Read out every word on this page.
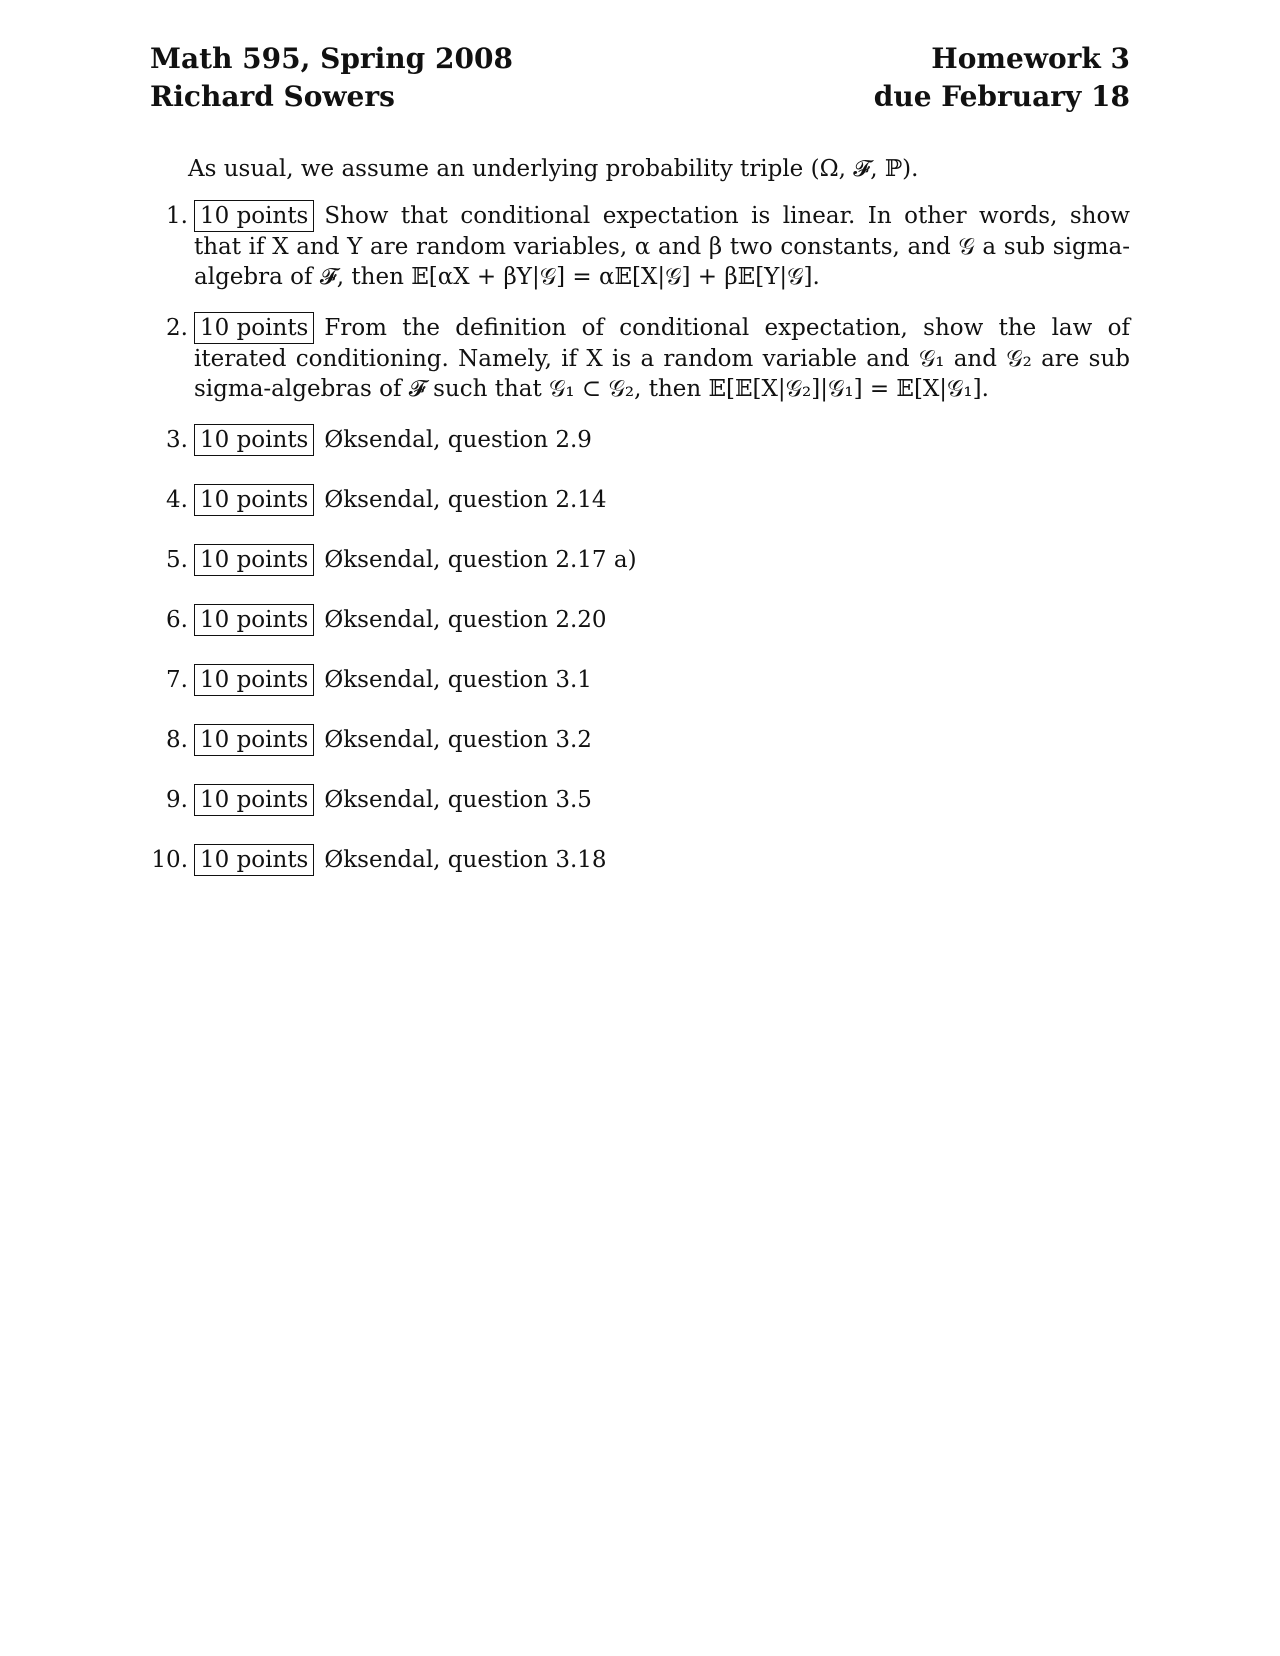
Math 595, Spring 2008
Richard Sowers
Homework 3
due February 18
As usual, we assume an underlying probability triple (Ω, 𝓕, ℙ).
1. 10 points Show that conditional expectation is linear. In other words, show that if X and Y are random variables, α and β two constants, and 𝒢 a sub sigma-algebra of 𝓕, then 𝔼[αX + βY|𝒢] = α𝔼[X|𝒢] + β𝔼[Y|𝒢].
2. 10 points From the definition of conditional expectation, show the law of iterated conditioning. Namely, if X is a random variable and 𝒢₁ and 𝒢₂ are sub sigma-algebras of 𝓕 such that 𝒢₁ ⊂ 𝒢₂, then 𝔼[𝔼[X|𝒢₂]|𝒢₁] = 𝔼[X|𝒢₁].
3. 10 points Øksendal, question 2.9
4. 10 points Øksendal, question 2.14
5. 10 points Øksendal, question 2.17 a)
6. 10 points Øksendal, question 2.20
7. 10 points Øksendal, question 3.1
8. 10 points Øksendal, question 3.2
9. 10 points Øksendal, question 3.5
10. 10 points Øksendal, question 3.18
